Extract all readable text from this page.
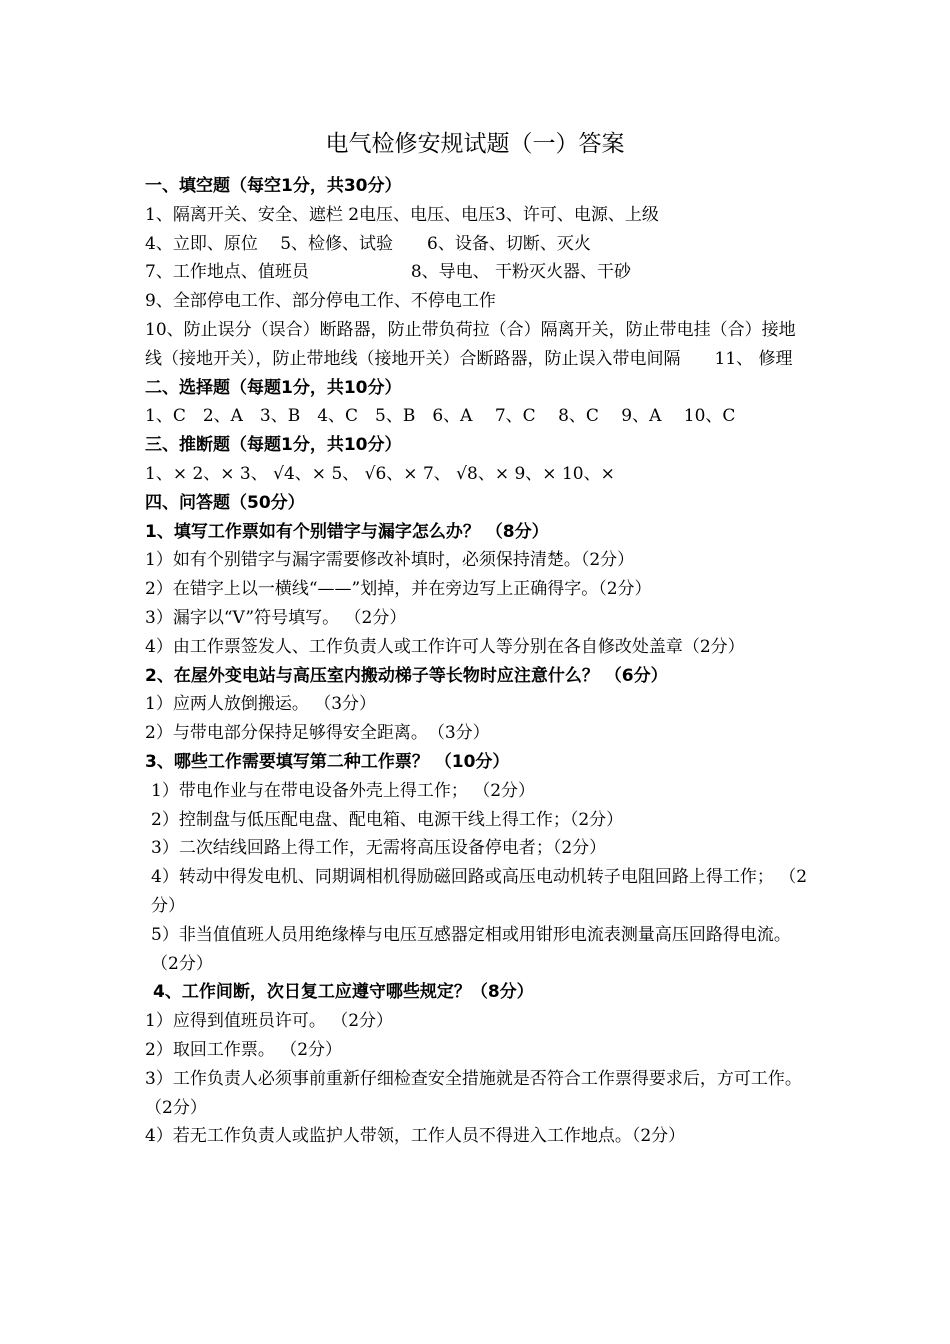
电气检修安规试题（一）答案
一、填空题（每空1分，共30分）
1、隔离开关、安全、遮栏 2电压、电压、电压3、许可、电源、上级
4、立即、原位　 5、检修、试验　　6、设备、切断、灭火
7、工作地点、值班员　　　　　　8、导电、 干粉灭火器、干砂
9、全部停电工作、部分停电工作、不停电工作
10、防止误分（误合）断路器，防止带负荷拉（合）隔离开关，防止带电挂（合）接地线（接地开关），防止带地线（接地开关）合断路器，防止误入带电间隔　　11、 修理
二、选择题（每题1分，共10分）
1、C　2、A　3、B　4、C　5、B　6、A　 7、C　 8、C　 9、A　 10、C
三、推断题（每题1分，共10分）
1、× 2、× 3、 √4、× 5、 √6、× 7、 √8、× 9、× 10、×
四、问答题（50分）
1、填写工作票如有个别错字与漏字怎么办？ （8分）
1）如有个别错字与漏字需要修改补填时，必须保持清楚。（2分）
2）在错字上以一横线“——”划掉，并在旁边写上正确得字。（2分）
3）漏字以“V”符号填写。 （2分）
4）由工作票签发人、工作负责人或工作许可人等分别在各自修改处盖章（2分）
2、在屋外变电站与高压室内搬动梯子等长物时应注意什么？ （6分）
1）应两人放倒搬运。 （3分）
2）与带电部分保持足够得安全距离。　（3分）
3、哪些工作需要填写第二种工作票？ （10分）
1）带电作业与在带电设备外壳上得工作； （2分）
2）控制盘与低压配电盘、配电箱、电源干线上得工作；（2分）
3）二次结线回路上得工作，无需将高压设备停电者；（2分）
4）转动中得发电机、同期调相机得励磁回路或高压电动机转子电阻回路上得工作； （2分）
5）非当值值班人员用绝缘棒与电压互感器定相或用钳形电流表测量高压回路得电流。 （2分）
4、工作间断，次日复工应遵守哪些规定？（8分）
1）应得到值班员许可。 （2分）
2）取回工作票。 （2分）
3）工作负责人必须事前重新仔细检查安全措施就是否符合工作票得要求后，方可工作。 （2分）
4）若无工作负责人或监护人带领，工作人员不得进入工作地点。（2分）
